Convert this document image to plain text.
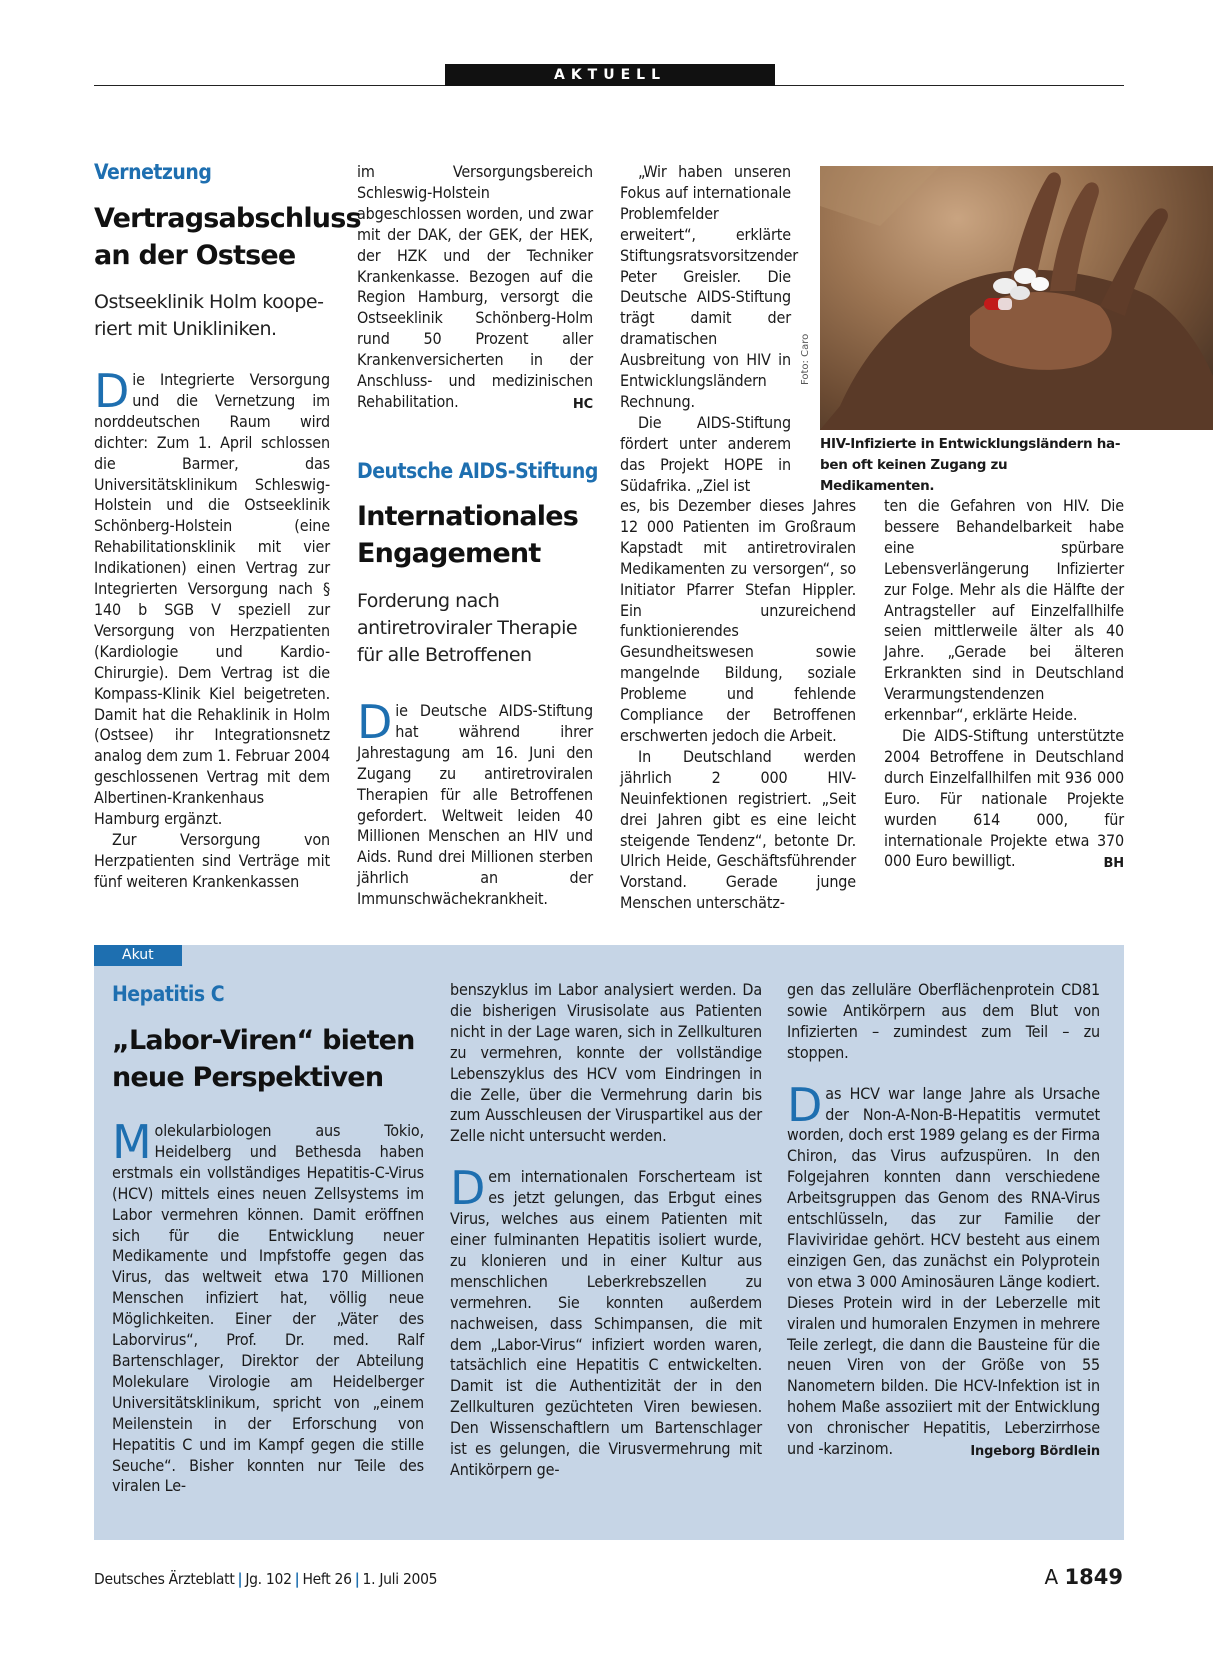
AKTUELL
Vernetzung
Vertragsabschluss
an der Ostsee
Ostseeklinik Holm koope-
riert mit Unikliniken.

Die Integrierte Versorgung und die Vernetzung im norddeutschen Raum wird dichter: Zum 1. April schlossen die Barmer, das Universitätsklinikum Schleswig-Holstein und die Ostseeklinik Schönberg-Holstein (eine Rehabilitationsklinik mit vier Indikationen) einen Vertrag zur Integrierten Versorgung nach § 140 b SGB V speziell zur Versorgung von Herzpatienten (Kardiologie und Kardio-Chirurgie). Dem Vertrag ist die Kompass-Klinik Kiel beigetreten. Damit hat die Rehaklinik in Holm (Ostsee) ihr Integrationsnetz analog dem zum 1. Februar 2004 geschlossenen Vertrag mit dem Albertinen-Krankenhaus Hamburg ergänzt.

Zur Versorgung von Herzpatienten sind Verträge mit fünf weiteren Krankenkassen

im Versorgungsbereich Schleswig-Holstein abgeschlossen worden, und zwar mit der DAK, der GEK, der HEK, der HZK und der Techniker Krankenkasse. Bezogen auf die Region Hamburg, versorgt die Ostseeklinik Schönberg-Holm rund 50 Prozent aller Krankenversicherten in der Anschluss- und medizinischen Rehabilitation.	HC

Deutsche AIDS-Stiftung
Internationales
Engagement
Forderung nach
antiretroviraler Therapie
für alle Betroffenen

Die Deutsche AIDS-Stiftung hat während ihrer Jahrestagung am 16. Juni den Zugang zu antiretroviralen Therapien für alle Betroffenen gefordert. Weltweit leiden 40 Millionen Menschen an HIV und Aids. Rund drei Millionen sterben jährlich an der Immunschwächekrankheit.

„Wir haben unseren Fokus auf internationale Problemfelder erweitert“, erklärte Stiftungsratsvorsitzender Peter Greisler. Die Deutsche AIDS-Stiftung trägt damit der dramatischen Ausbreitung von HIV in Entwicklungsländern Rechnung.

Die AIDS-Stiftung fördert unter anderem das Projekt HOPE in Südafrika. „Ziel ist

es, bis Dezember dieses Jahres 12 000 Patienten im Großraum Kapstadt mit antiretroviralen Medikamenten zu versorgen“, so Initiator Pfarrer Stefan Hippler. Ein unzureichend funktionierendes Gesundheitswesen sowie mangelnde Bildung, soziale Probleme und fehlende Compliance der Betroffenen erschwerten jedoch die Arbeit.

In Deutschland werden jährlich 2 000 HIV-Neuinfektionen registriert. „Seit drei Jahren gibt es eine leicht steigende Tendenz“, betonte Dr. Ulrich Heide, Geschäftsführender Vorstand. Gerade junge Menschen unterschätz-

ten die Gefahren von HIV. Die bessere Behandelbarkeit habe eine spürbare Lebensverlängerung Infizierter zur Folge. Mehr als die Hälfte der Antragsteller auf Einzelfallhilfe seien mittlerweile älter als 40 Jahre. „Gerade bei älteren Erkrankten sind in Deutschland Verarmungstendenzen erkennbar“, erklärte Heide.

Die AIDS-Stiftung unterstützte 2004 Betroffene in Deutschland durch Einzelfallhilfen mit 936 000 Euro. Für nationale Projekte wurden 614 000, für internationale Projekte etwa 370 000 Euro bewilligt.	BH

Foto: Caro
HIV-Infizierte in Entwicklungsländern ha-
ben oft keinen Zugang zu Medikamenten.
Akut
Hepatitis C
„Labor-Viren“ bieten
neue Perspektiven

Molekularbiologen aus Tokio, Heidelberg und Bethesda haben erstmals ein vollständiges Hepatitis-C-Virus (HCV) mittels eines neuen Zellsystems im Labor vermehren können. Damit eröffnen sich für die Entwicklung neuer Medikamente und Impfstoffe gegen das Virus, das weltweit etwa 170 Millionen Menschen infiziert hat, völlig neue Möglichkeiten. Einer der „Väter des Laborvirus“, Prof. Dr. med. Ralf Bartenschlager, Direktor der Abteilung Molekulare Virologie am Heidelberger Universitätsklinikum, spricht von „einem Meilenstein in der Erforschung von Hepatitis C und im Kampf gegen die stille Seuche“. Bisher konnten nur Teile des viralen Le-

benszyklus im Labor analysiert werden. Da die bisherigen Virusisolate aus Patienten nicht in der Lage waren, sich in Zellkulturen zu vermehren, konnte der vollständige Lebenszyklus des HCV vom Eindringen in die Zelle, über die Vermehrung darin bis zum Ausschleusen der Viruspartikel aus der Zelle nicht untersucht werden.

Dem internationalen Forscherteam ist es jetzt gelungen, das Erbgut eines Virus, welches aus einem Patienten mit einer fulminanten Hepatitis isoliert wurde, zu klonieren und in einer Kultur aus menschlichen Leberkrebszellen zu vermehren. Sie konnten außerdem nachweisen, dass Schimpansen, die mit dem „Labor-Virus“ infiziert worden waren, tatsächlich eine Hepatitis C entwickelten. Damit ist die Authentizität der in den Zellkulturen gezüchteten Viren bewiesen. Den Wissenschaftlern um Bartenschlager ist es gelungen, die Virusvermehrung mit Antikörpern ge-

gen das zelluläre Oberflächenprotein CD81 sowie Antikörpern aus dem Blut von Infizierten – zumindest zum Teil – zu stoppen.

Das HCV war lange Jahre als Ursache der Non-A-Non-B-Hepatitis vermutet worden, doch erst 1989 gelang es der Firma Chiron, das Virus aufzuspüren. In den Folgejahren konnten dann verschiedene Arbeitsgruppen das Genom des RNA-Virus entschlüsseln, das zur Familie der Flaviviridae gehört. HCV besteht aus einem einzigen Gen, das zunächst ein Polyprotein von etwa 3 000 Aminosäuren Länge kodiert. Dieses Protein wird in der Leberzelle mit viralen und humoralen Enzymen in mehrere Teile zerlegt, die dann die Bausteine für die neuen Viren von der Größe von 55 Nanometern bilden. Die HCV-Infektion ist in hohem Maße assoziiert mit der Entwicklung von chronischer Hepatitis, Leberzirrhose und -karzinom.	Ingeborg Bördlein

Deutsches Ärzteblatt | Jg. 102 | Heft 26 | 1. Juli 2005	A 1849
